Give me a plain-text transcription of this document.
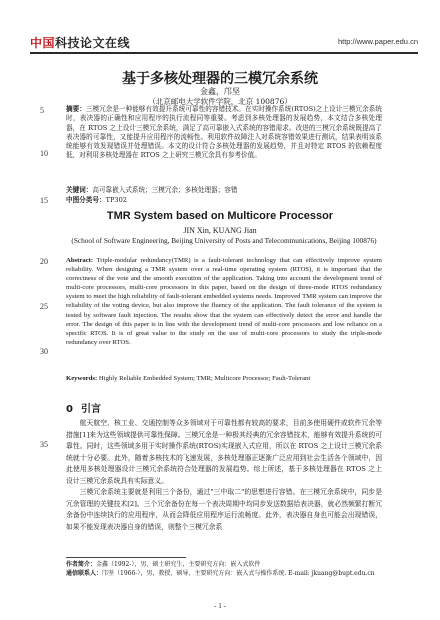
中国科技论文在线	http://www.paper.edu.cn
5
10
15
20
25
30
35
基于多核处理器的三模冗余系统
金鑫，邝坚
（北京邮电大学软件学院，北京 100876）
摘要：三模冗余是一种能够有效提升系统可靠性的容错技术。在实时操作系统(RTOS)之上设计三模冗余系统时，表决器的正确性和应用程序的执行流程同等重要。考虑到多核处理器的发展趋势，本文结合多核处理器，在 RTOS 之上设计三模冗余系统，满足了高可靠嵌入式系统的容错需求。改进的三模冗余系统既提高了表决器的可靠性，又能提升应用程序的流畅性。利用软件故障注入对系统容错效果进行测试，结果表明该系统能够有效发现错误并处理错误。本文的设计符合多核处理器的发展趋势，并且对特定 RTOS 的依赖程度低，对利用多核处理器在 RTOS 之上研究三模冗余具有参考价值。
关键词：高可靠嵌入式系统；三模冗余；多核处理器；容错
中图分类号：TP302
TMR System based on Multicore Processor
JIN Xin, KUANG Jian
(School of Software Engineering, Beijing University of Posts and Telecommunications, Beijing 100876)
Abstract: Triple-modular redundancy(TMR) is a fault-tolerant technology that can effectively improve system reliability. When designing a TMR system over a real-time operating system (RTOS), it is important that the correctness of the vote and the smooth execution of the application. Taking into account the development trend of multi-core processors, multi-core processors in this paper, based on the design of three-mode RTOS redundancy system to meet the high reliability of fault-tolerant embedded systems needs. Improved TMR system can improve the reliability of the voting device, but also improve the fluency of the application. The fault tolerance of the system is tested by software fault injection. The results show that the system can effectively detect the error and handle the error. The design of this paper is in line with the development trend of multi-core processors and low reliance on a specific RTOS. It is of great value to the study on the use of multi-core processors to study the triple-mode redundancy over RTOS.
Keywords: Highly Reliable Embedded System; TMR; Multicore Processor; Fault-Tolerant
0 引言

航天航空、核工业、交通控制等众多领域对于可靠性都有较高的要求，目前多使用硬件或软件冗余等措施[1]来为这些领域提供可靠性保障。三模冗余是一种极其经典的冗余容错技术，能够有效提升系统的可靠性。同时，这些领域多用于实时操作系统(RTOS)实现嵌入式应用，所以在 RTOS 之上设计三模冗余系统就十分必要。此外，随着多核技术的飞速发展，多核处理器正逐渐广泛应用到社会生活各个领域中，因此使用多核处理器设计三模冗余系统符合处理器的发展趋势。综上所述，基于多核处理器在 RTOS 之上设计三模冗余系统具有实际意义。

三模冗余系统主要就是利用三个备份，通过"三中取二"的思想进行容错。在三模冗余系统中，同步是冗余管理的关键技术[2]。三个冗余备份在每一个表决周期中均同步发送数据给表决器，就必然频繁打断冗余备份中连续执行的应用程序，从而会降低应用程序运行流畅度。此外，表决器自身也可能会出现错误，如果不能发现表决器自身的错误，则整个三模冗余系

作者简介：金鑫（1992-），男，硕士研究生，主要研究方向：嵌入式软件
通信联系人：邝坚（1966-），男，教授、硕导，主要研究方向：嵌入式与操作系统. E-mail: jkuang@bupt.edu.cn
- 1 -
